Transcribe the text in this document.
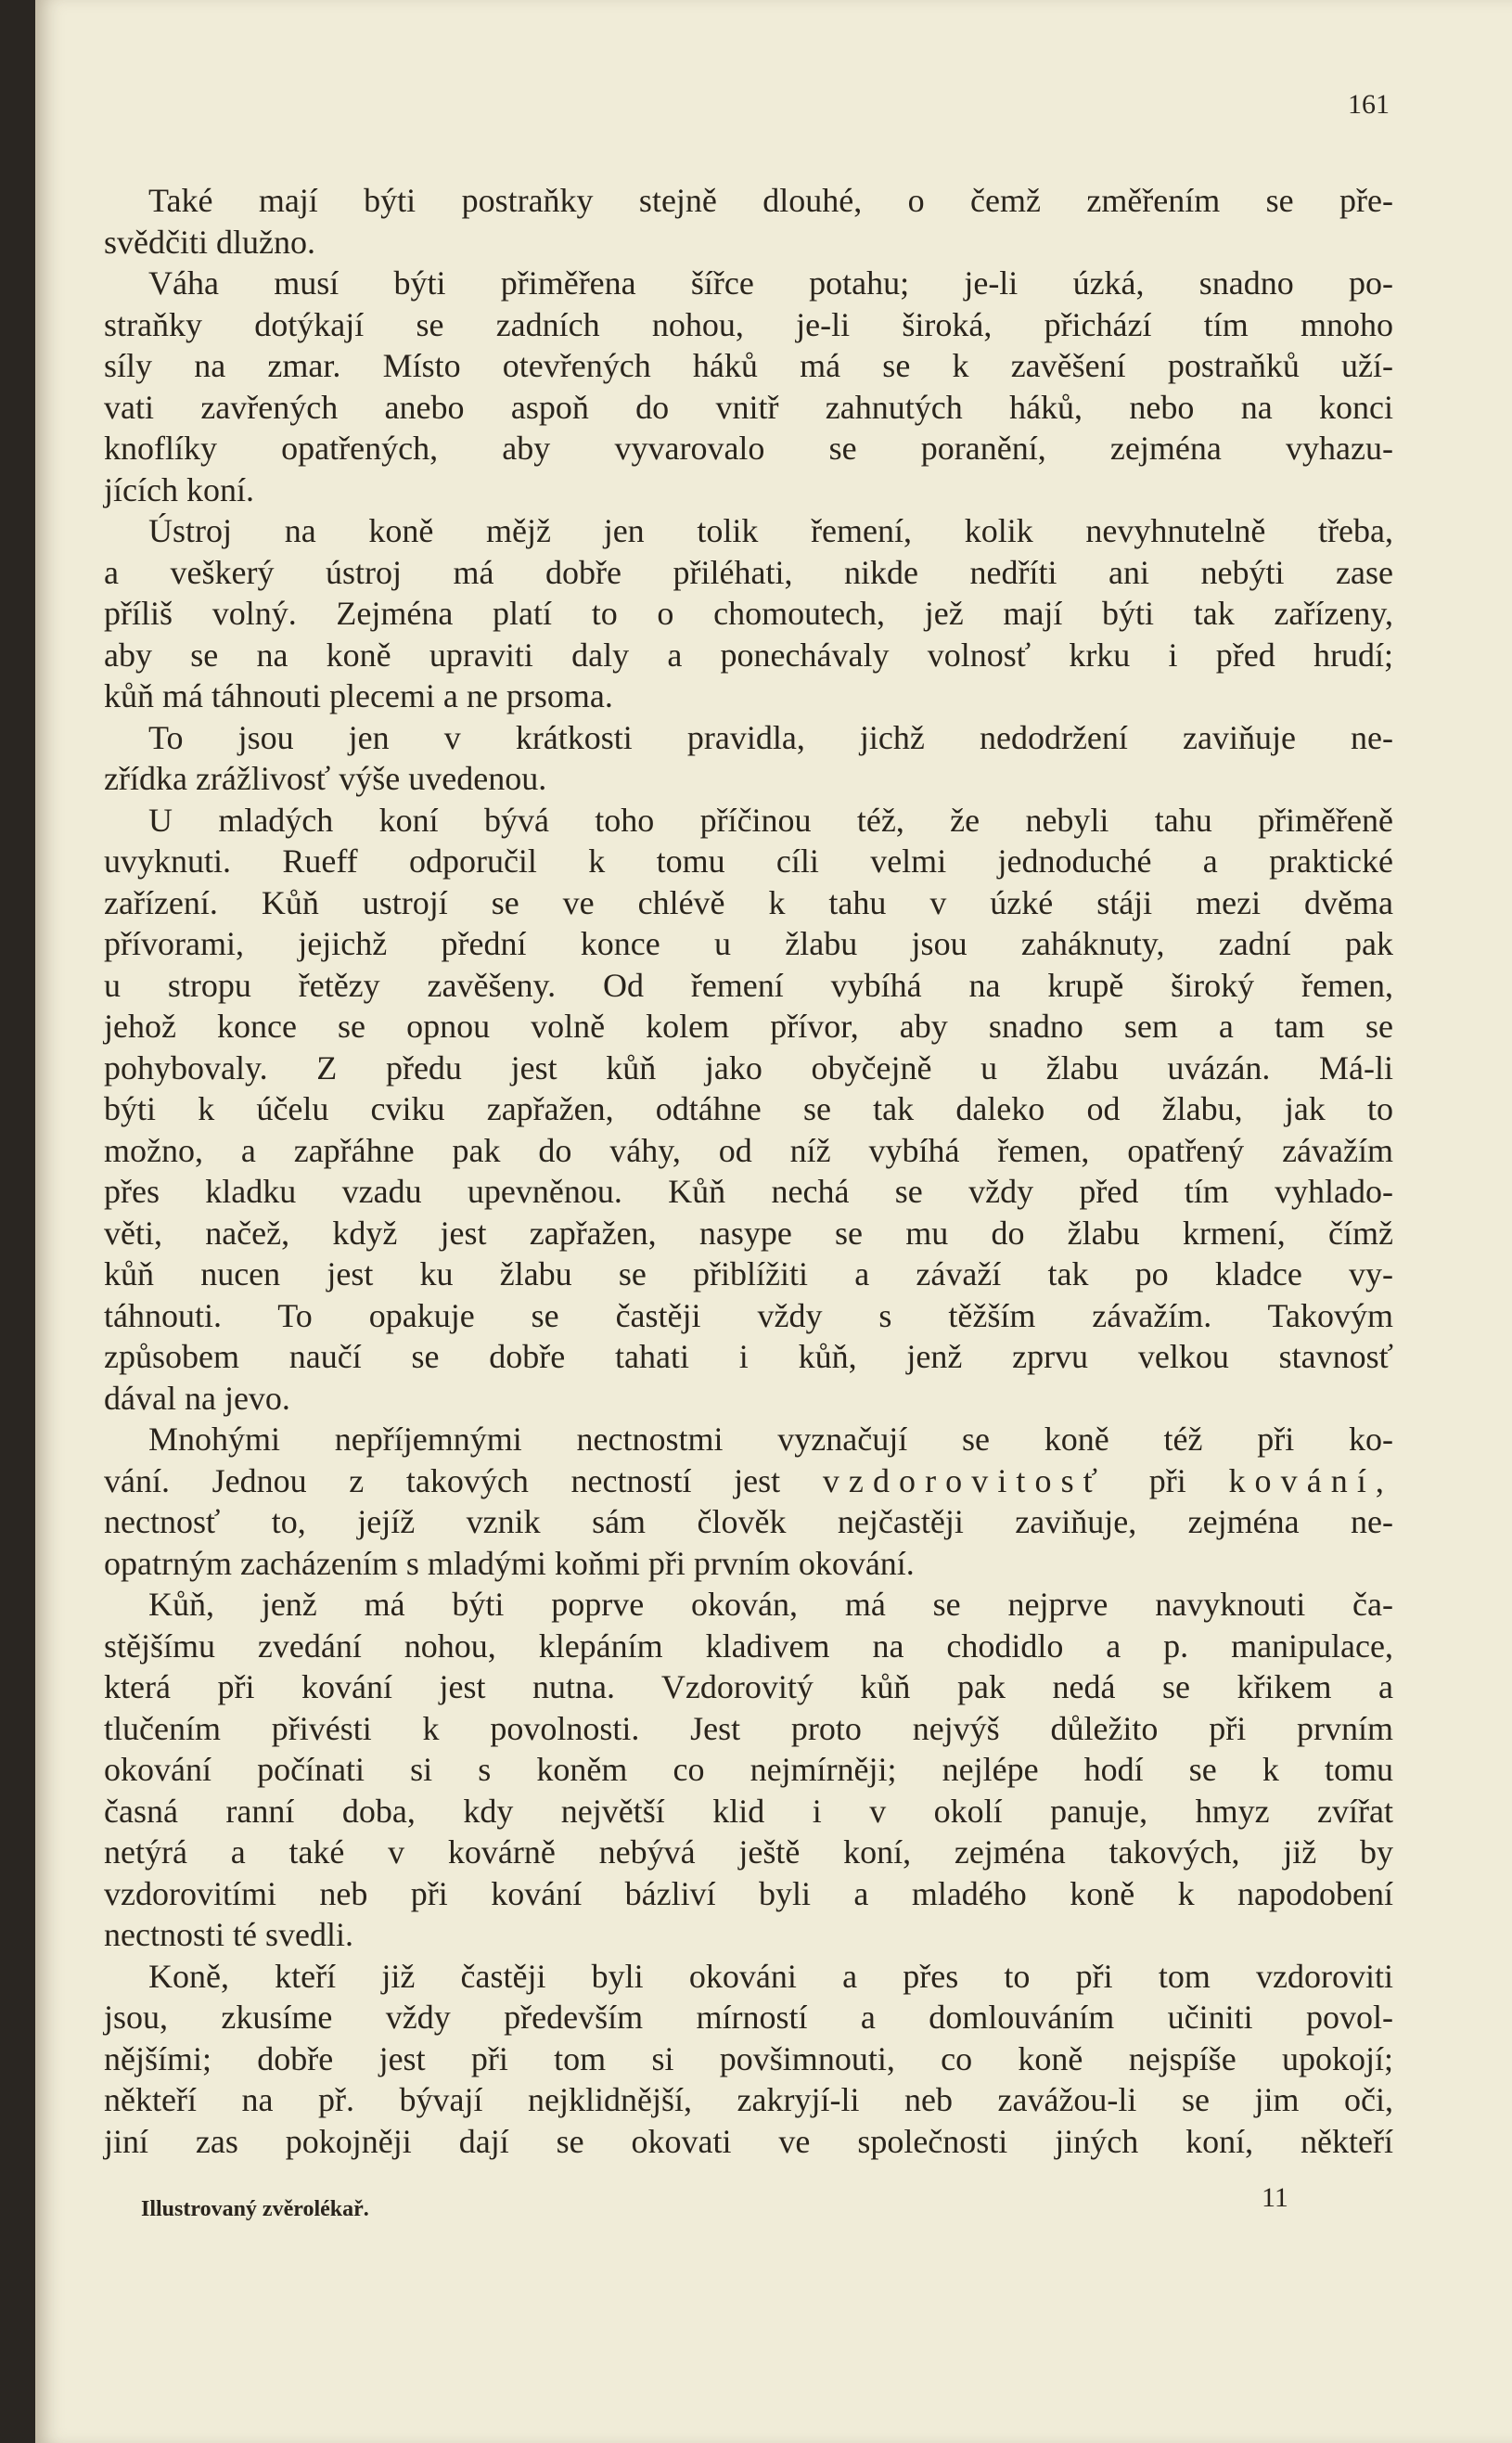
161
Také mají býti postraňky stejně dlouhé, o čemž změřením se pře-
svědčiti dlužno.
Váha musí býti přiměřena šířce potahu; je-li úzká, snadno po-
straňky dotýkají se zadních nohou, je-li široká, přichází tím mnoho
síly na zmar. Místo otevřených háků má se k zavěšení postraňků uží-
vati zavřených anebo aspoň do vnitř zahnutých háků, nebo na konci
knoflíky opatřených, aby vyvarovalo se poranění, zejména vyhazu-
jících koní.
Ústroj na koně mějž jen tolik řemení, kolik nevyhnutelně třeba,
a veškerý ústroj má dobře přiléhati, nikde nedříti ani nebýti zase
příliš volný. Zejména platí to o chomoutech, jež mají býti tak zařízeny,
aby se na koně upraviti daly a ponechávaly volnosť krku i před hrudí;
kůň má táhnouti plecemi a ne prsoma.
To jsou jen v krátkosti pravidla, jichž nedodržení zaviňuje ne-
zřídka zrážlivosť výše uvedenou.
U mladých koní bývá toho příčinou též, že nebyli tahu přiměřeně
uvyknuti. Rueff odporučil k tomu cíli velmi jednoduché a praktické
zařízení. Kůň ustrojí se ve chlévě k tahu v úzké stáji mezi dvěma
přívorami, jejichž přední konce u žlabu jsou zaháknuty, zadní pak
u stropu řetězy zavěšeny. Od řemení vybíhá na krupě široký řemen,
jehož konce se opnou volně kolem přívor, aby snadno sem a tam se
pohybovaly. Z předu jest kůň jako obyčejně u žlabu uvázán. Má-li
býti k účelu cviku zapřažen, odtáhne se tak daleko od žlabu, jak to
možno, a zapřáhne pak do váhy, od níž vybíhá řemen, opatřený závažím
přes kladku vzadu upevněnou. Kůň nechá se vždy před tím vyhlado-
věti, načež, když jest zapřažen, nasype se mu do žlabu krmení, čímž
kůň nucen jest ku žlabu se přiblížiti a závaží tak po kladce vy-
táhnouti. To opakuje se častěji vždy s těžším závažím. Takovým
způsobem naučí se dobře tahati i kůň, jenž zprvu velkou stavnosť
dával na jevo.
Mnohými nepříjemnými nectnostmi vyznačují se koně též při ko-
vání. Jednou z takových nectností jest vzdorovitosť při kování,
nectnosť to, jejíž vznik sám člověk nejčastěji zaviňuje, zejména ne-
opatrným zacházením s mladými koňmi při prvním okování.
Kůň, jenž má býti poprve okován, má se nejprve navyknouti ča-
stějšímu zvedání nohou, klepáním kladivem na chodidlo a p. manipulace,
která při kování jest nutna. Vzdorovitý kůň pak nedá se křikem a
tlučením přivésti k povolnosti. Jest proto nejvýš důležito při prvním
okování počínati si s koněm co nejmírněji; nejlépe hodí se k tomu
časná ranní doba, kdy největší klid i v okolí panuje, hmyz zvířat
netýrá a také v kovárně nebývá ještě koní, zejména takových, již by
vzdorovitími neb při kování bázliví byli a mladého koně k napodobení
nectnosti té svedli.
Koně, kteří již častěji byli okováni a přes to při tom vzdoroviti
jsou, zkusíme vždy především mírností a domlouváním učiniti povol-
nějšími; dobře jest při tom si povšimnouti, co koně nejspíše upokojí;
někteří na př. bývají nejklidnější, zakryjí-li neb zavážou-li se jim oči,
jiní zas pokojněji dají se okovati ve společnosti jiných koní, někteří
Illustrovaný zvěrolékař.	11
